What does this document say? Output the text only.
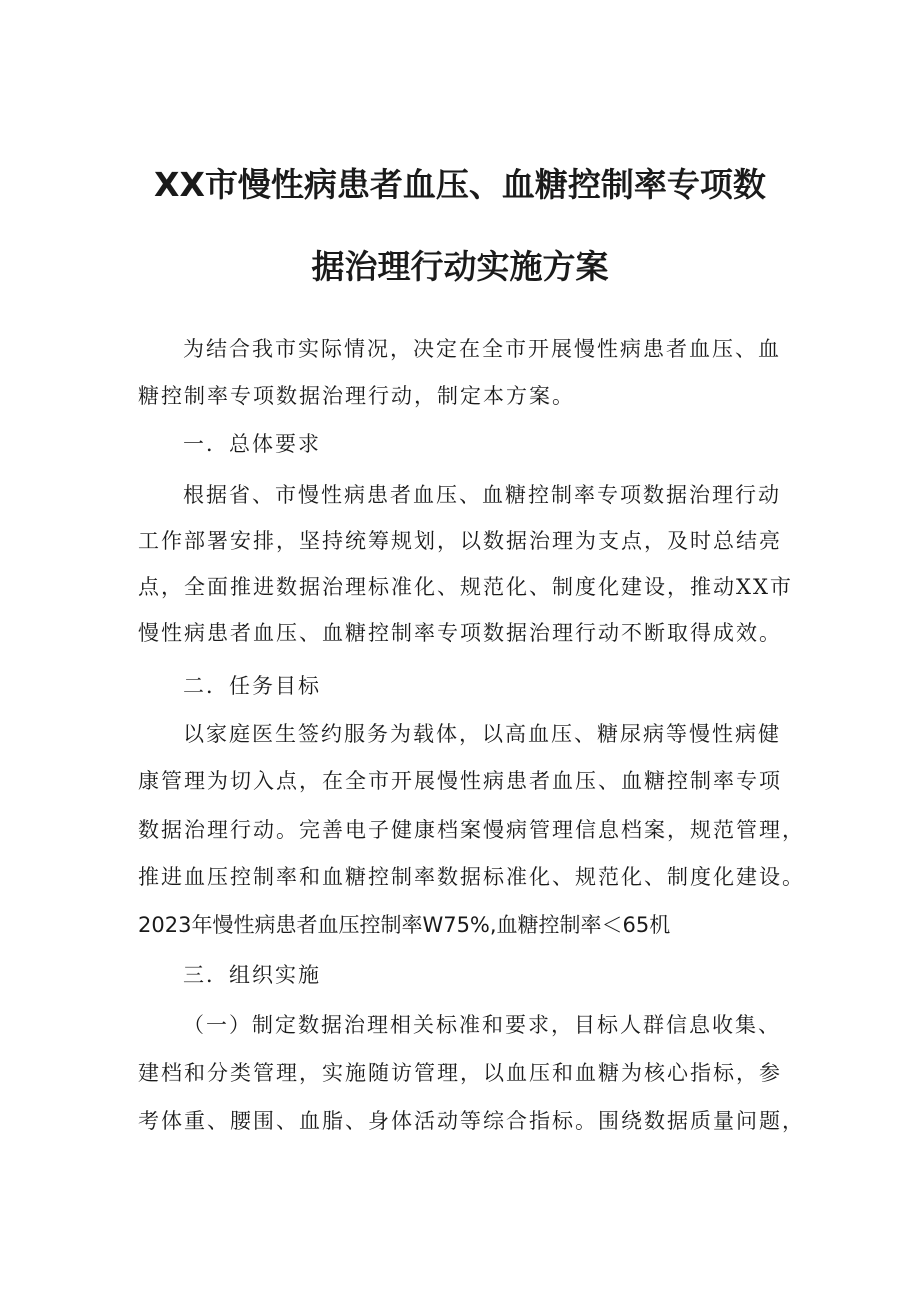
XX市慢性病患者血压、血糖控制率专项数
据治理行动实施方案
为结合我市实际情况，决定在全市开展慢性病患者血压、血
糖控制率专项数据治理行动，制定本方案。
一．总体要求
根据省、市慢性病患者血压、血糖控制率专项数据治理行动
工作部署安排，坚持统筹规划，以数据治理为支点，及时总结亮
点，全面推进数据治理标准化、规范化、制度化建设，推动XX市
慢性病患者血压、血糖控制率专项数据治理行动不断取得成效。
二．任务目标
以家庭医生签约服务为载体，以高血压、糖尿病等慢性病健
康管理为切入点，在全市开展慢性病患者血压、血糖控制率专项
数据治理行动。完善电子健康档案慢病管理信息档案，规范管理，
推进血压控制率和血糖控制率数据标准化、规范化、制度化建设。
2023年慢性病患者血压控制率W75%,血糖控制率＜65机
三．组织实施
（一）制定数据治理相关标准和要求，目标人群信息收集、
建档和分类管理，实施随访管理，以血压和血糖为核心指标，参
考体重、腰围、血脂、身体活动等综合指标。围绕数据质量问题，
